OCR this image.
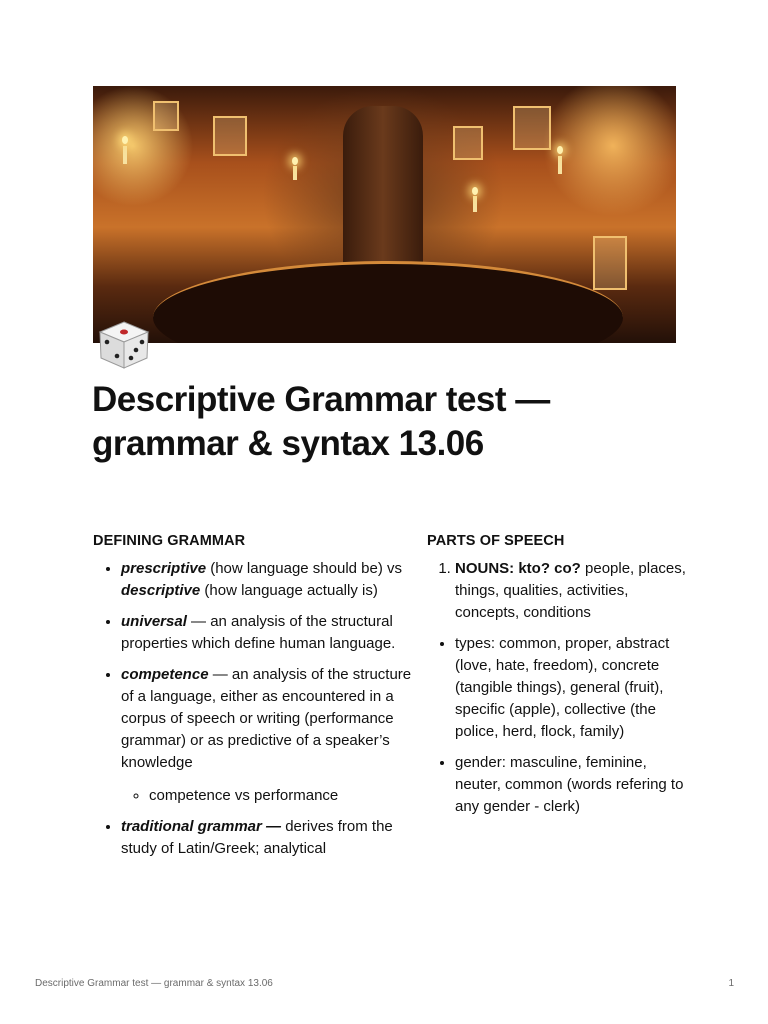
Descriptive Grammar test — grammar & syntax 13.06
DEFINING GRAMMAR
• prescriptive (how language should be) vs descriptive (how language actually is)
• universal — an analysis of the structural properties which define human language.
• competence — an analysis of the structure of a language, either as encountered in a corpus of speech or writing (performance grammar) or as predictive of a speaker’s knowledge
◦ competence vs performance
• traditional grammar — derives from the study of Latin/Greek; analytical
PARTS OF SPEECH
1. NOUNS: kto? co? people, places, things, qualities, activities, concepts, conditions
• types: common, proper, abstract (love, hate, freedom), concrete (tangible things), general (fruit), specific (apple), collective (the police, herd, flock, family)
• gender: masculine, feminine, neuter, common (words refering to any gender - clerk)
Descriptive Grammar test — grammar & syntax 13.06	1
